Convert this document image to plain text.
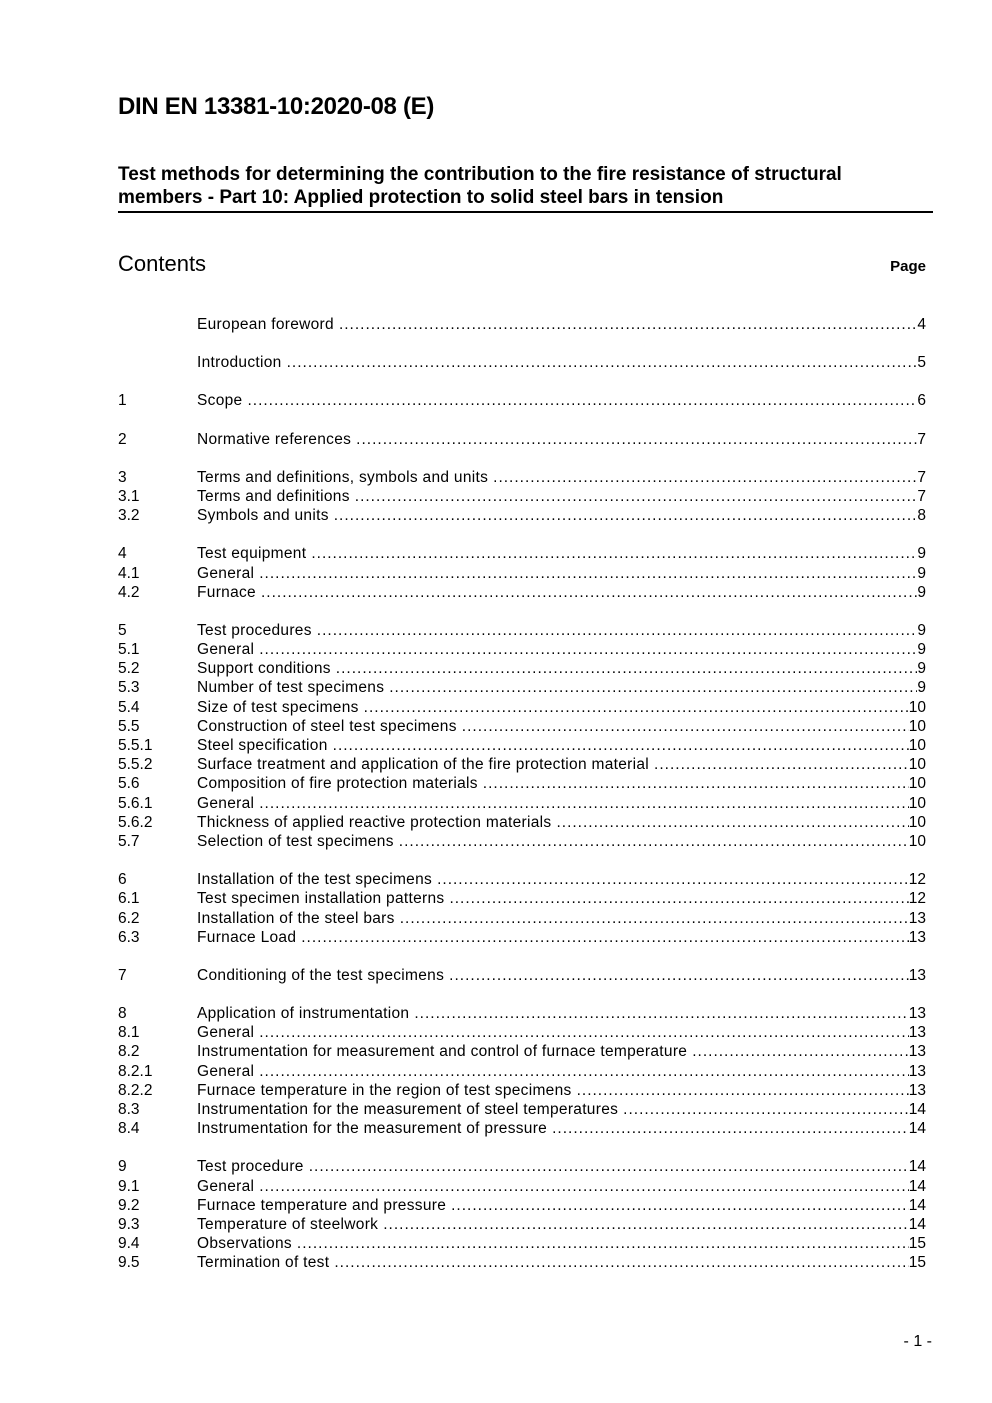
DIN EN 13381-10:2020-08 (E)
Test methods for determining the contribution to the fire resistance of structural
members - Part 10: Applied protection to solid steel bars in tension
Contents	Page
European foreword .....	4
Introduction .....	5
1	Scope .....	6
2	Normative references .....	7
3	Terms and definitions, symbols and units .....	7
3.1	Terms and definitions .....	7
3.2	Symbols and units .....	8
4	Test equipment .....	9
4.1	General .....	9
4.2	Furnace .....	9
5	Test procedures .....	9
5.1	General .....	9
5.2	Support conditions .....	9
5.3	Number of test specimens .....	9
5.4	Size of test specimens .....	10
5.5	Construction of steel test specimens .....	10
5.5.1	Steel specification .....	10
5.5.2	Surface treatment and application of the fire protection material .....	10
5.6	Composition of fire protection materials .....	10
5.6.1	General .....	10
5.6.2	Thickness of applied reactive protection materials .....	10
5.7	Selection of test specimens .....	10
6	Installation of the test specimens .....	12
6.1	Test specimen installation patterns .....	12
6.2	Installation of the steel bars .....	13
6.3	Furnace Load .....	13
7	Conditioning of the test specimens .....	13
8	Application of instrumentation .....	13
8.1	General .....	13
8.2	Instrumentation for measurement and control of furnace temperature .....	13
8.2.1	General .....	13
8.2.2	Furnace temperature in the region of test specimens .....	13
8.3	Instrumentation for the measurement of steel temperatures .....	14
8.4	Instrumentation for the measurement of pressure .....	14
9	Test procedure .....	14
9.1	General .....	14
9.2	Furnace temperature and pressure .....	14
9.3	Temperature of steelwork .....	14
9.4	Observations .....	15
9.5	Termination of test .....	15
- 1 -
